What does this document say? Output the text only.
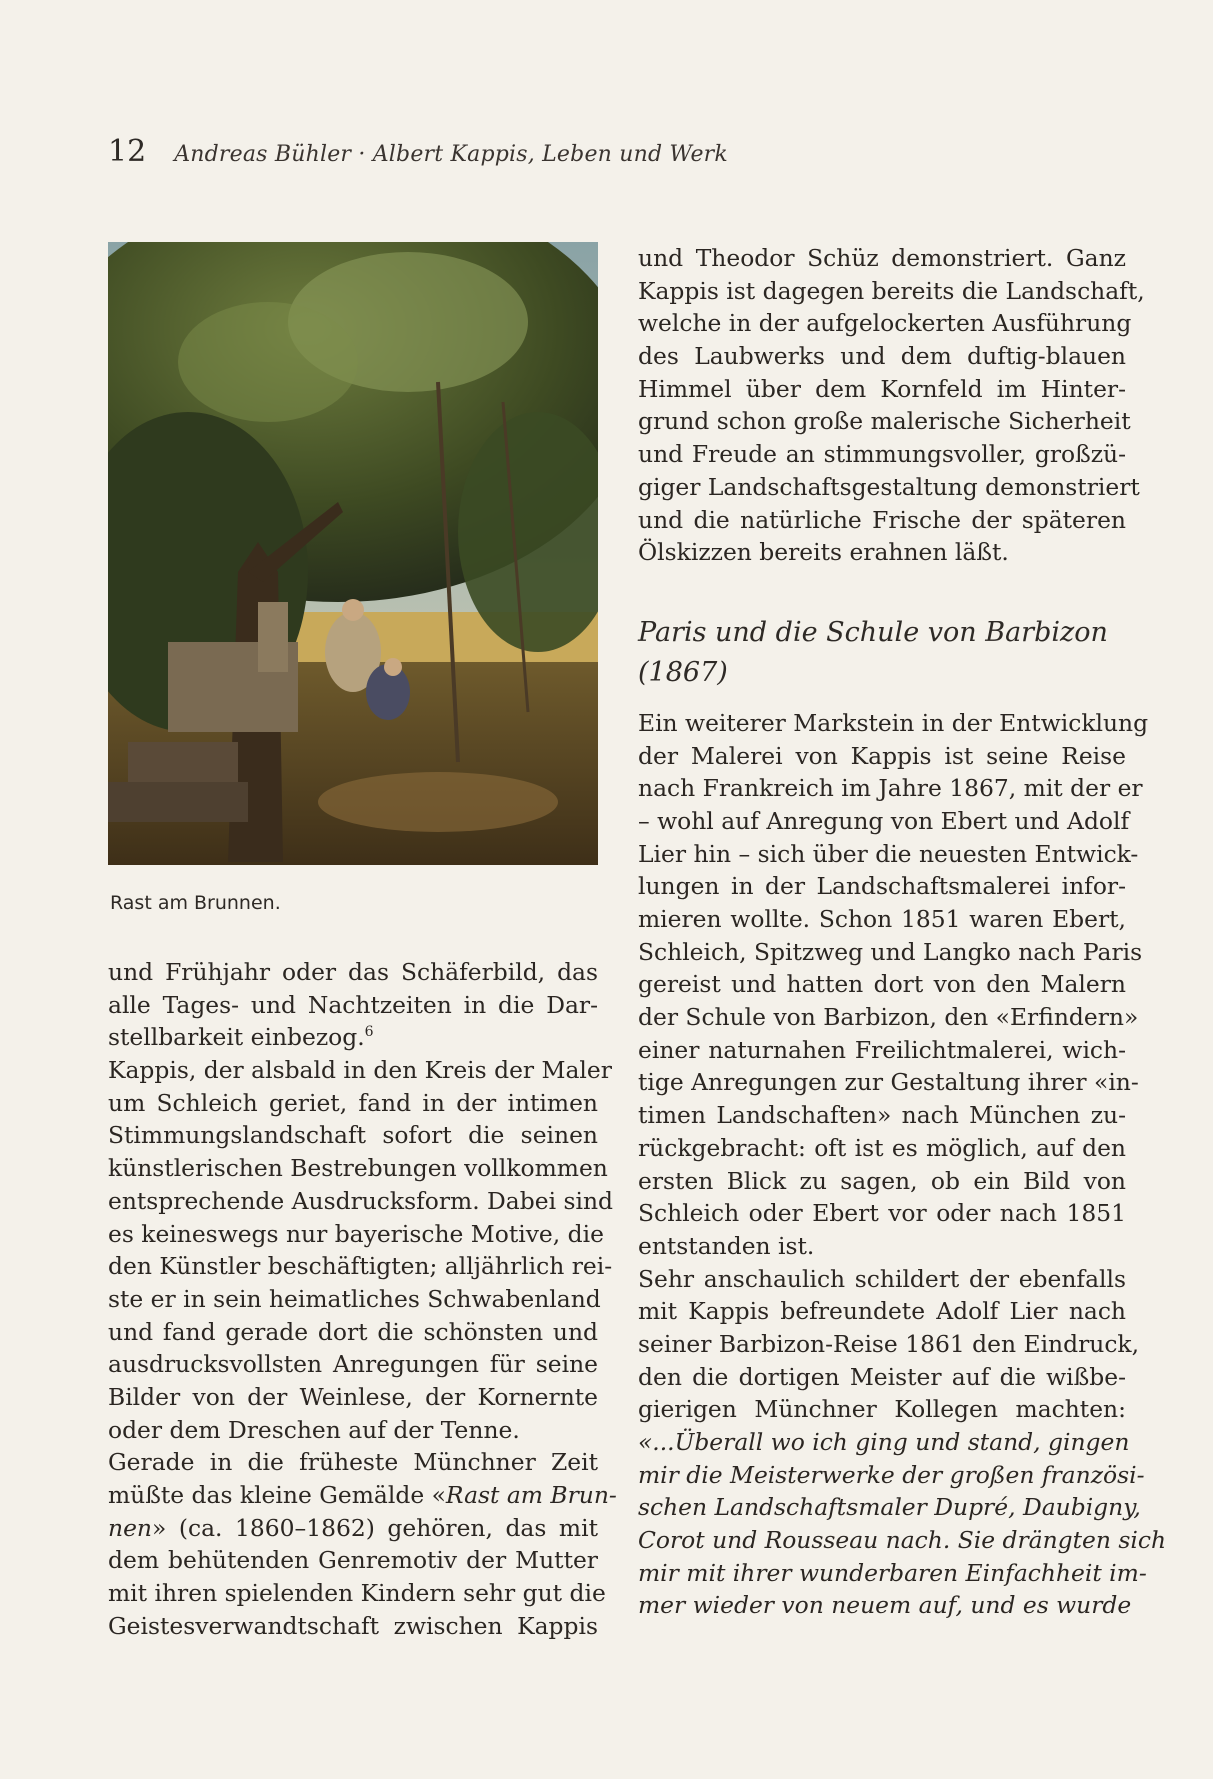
12 Andreas Bühler · Albert Kappis, Leben und Werk
Rast am Brunnen.
und Frühjahr oder das Schäferbild, das
alle Tages- und Nachtzeiten in die Dar-
stellbarkeit einbezog.$^6$
Kappis, der alsbald in den Kreis der Maler
um Schleich geriet, fand in der intimen
Stimmungslandschaft sofort die seinen
künstlerischen Bestrebungen vollkommen
entsprechende Ausdrucksform. Dabei sind
es keineswegs nur bayerische Motive, die
den Künstler beschäftigten; alljährlich rei-
ste er in sein heimatliches Schwabenland
und fand gerade dort die schönsten und
ausdrucksvollsten Anregungen für seine
Bilder von der Weinlese, der Kornernte
oder dem Dreschen auf der Tenne.
Gerade in die früheste Münchner Zeit
müßte das kleine Gemälde «Rast am Brun-
nen» (ca. 1860–1862) gehören, das mit
dem behütenden Genremotiv der Mutter
mit ihren spielenden Kindern sehr gut die
Geistesverwandtschaft zwischen Kappis
und Theodor Schüz demonstriert. Ganz
Kappis ist dagegen bereits die Landschaft,
welche in der aufgelockerten Ausführung
des Laubwerks und dem duftig-blauen
Himmel über dem Kornfeld im Hinter-
grund schon große malerische Sicherheit
und Freude an stimmungsvoller, großzü-
giger Landschaftsgestaltung demonstriert
und die natürliche Frische der späteren
Ölskizzen bereits erahnen läßt.
Paris und die Schule von Barbizon
(1867)
Ein weiterer Markstein in der Entwicklung
der Malerei von Kappis ist seine Reise
nach Frankreich im Jahre 1867, mit der er
– wohl auf Anregung von Ebert und Adolf
Lier hin – sich über die neuesten Entwick-
lungen in der Landschaftsmalerei infor-
mieren wollte. Schon 1851 waren Ebert,
Schleich, Spitzweg und Langko nach Paris
gereist und hatten dort von den Malern
der Schule von Barbizon, den «Erfindern»
einer naturnahen Freilichtmalerei, wich-
tige Anregungen zur Gestaltung ihrer «in-
timen Landschaften» nach München zu-
rückgebracht: oft ist es möglich, auf den
ersten Blick zu sagen, ob ein Bild von
Schleich oder Ebert vor oder nach 1851
entstanden ist.
Sehr anschaulich schildert der ebenfalls
mit Kappis befreundete Adolf Lier nach
seiner Barbizon-Reise 1861 den Eindruck,
den die dortigen Meister auf die wißbe-
gierigen Münchner Kollegen machten:
«...Überall wo ich ging und stand, gingen
mir die Meisterwerke der großen französi-
schen Landschaftsmaler Dupré, Daubigny,
Corot und Rousseau nach. Sie drängten sich
mir mit ihrer wunderbaren Einfachheit im-
mer wieder von neuem auf, und es wurde
